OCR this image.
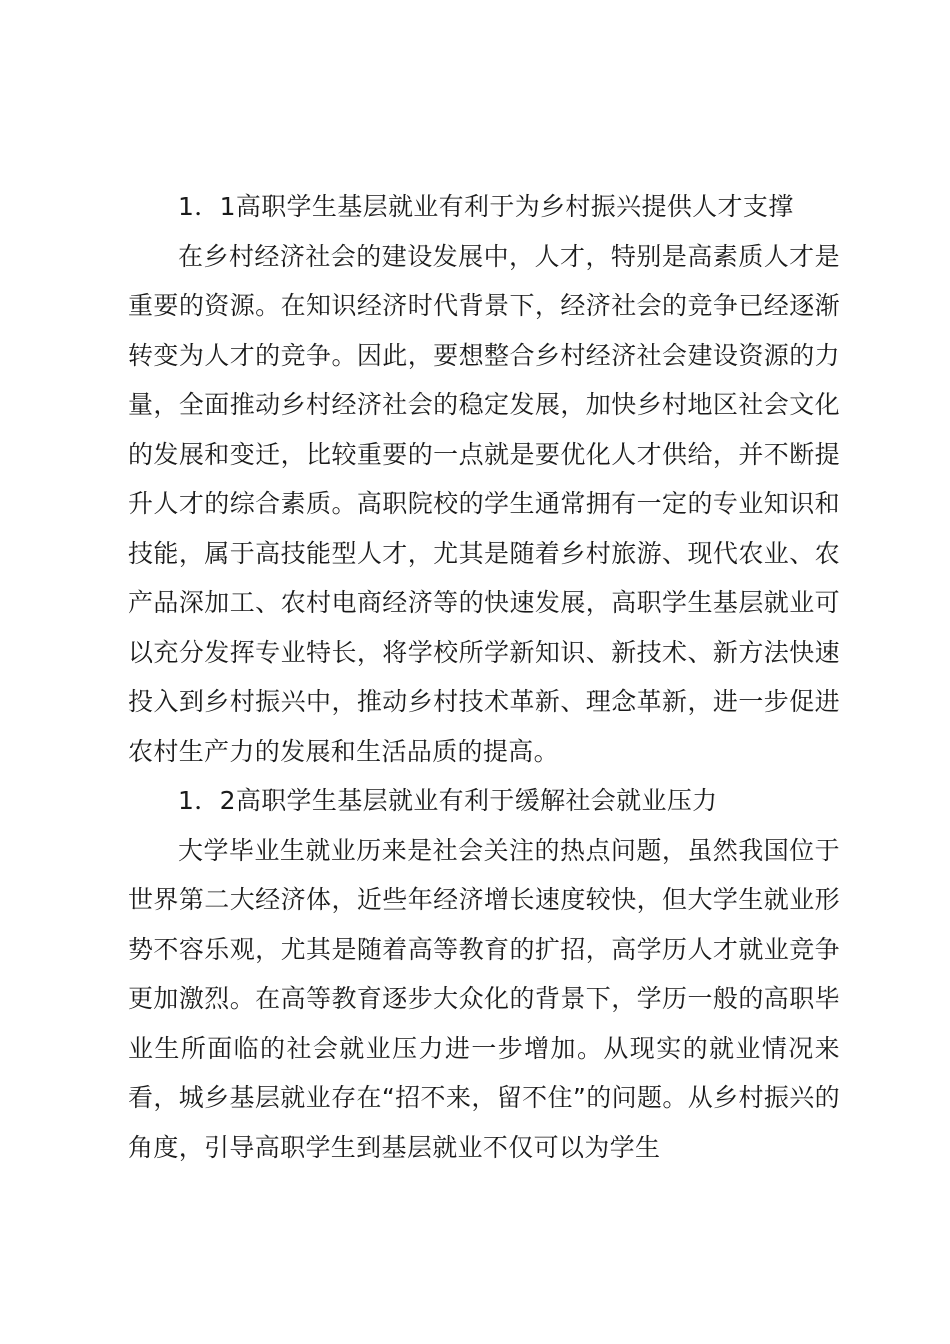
1．1高职学生基层就业有利于为乡村振兴提供人才支撑

在乡村经济社会的建设发展中，人才，特别是高素质人才是重要的资源。在知识经济时代背景下，经济社会的竞争已经逐渐转变为人才的竞争。因此，要想整合乡村经济社会建设资源的力量，全面推动乡村经济社会的稳定发展，加快乡村地区社会文化的发展和变迁，比较重要的一点就是要优化人才供给，并不断提升人才的综合素质。高职院校的学生通常拥有一定的专业知识和技能，属于高技能型人才，尤其是随着乡村旅游、现代农业、农产品深加工、农村电商经济等的快速发展，高职学生基层就业可以充分发挥专业特长，将学校所学新知识、新技术、新方法快速投入到乡村振兴中，推动乡村技术革新、理念革新，进一步促进农村生产力的发展和生活品质的提高。

1．2高职学生基层就业有利于缓解社会就业压力

大学毕业生就业历来是社会关注的热点问题，虽然我国位于世界第二大经济体，近些年经济增长速度较快，但大学生就业形势不容乐观，尤其是随着高等教育的扩招，高学历人才就业竞争更加激烈。在高等教育逐步大众化的背景下，学历一般的高职毕业生所面临的社会就业压力进一步增加。从现实的就业情况来看，城乡基层就业存在“招不来，留不住”的问题。从乡村振兴的角度，引导高职学生到基层就业不仅可以为学生
